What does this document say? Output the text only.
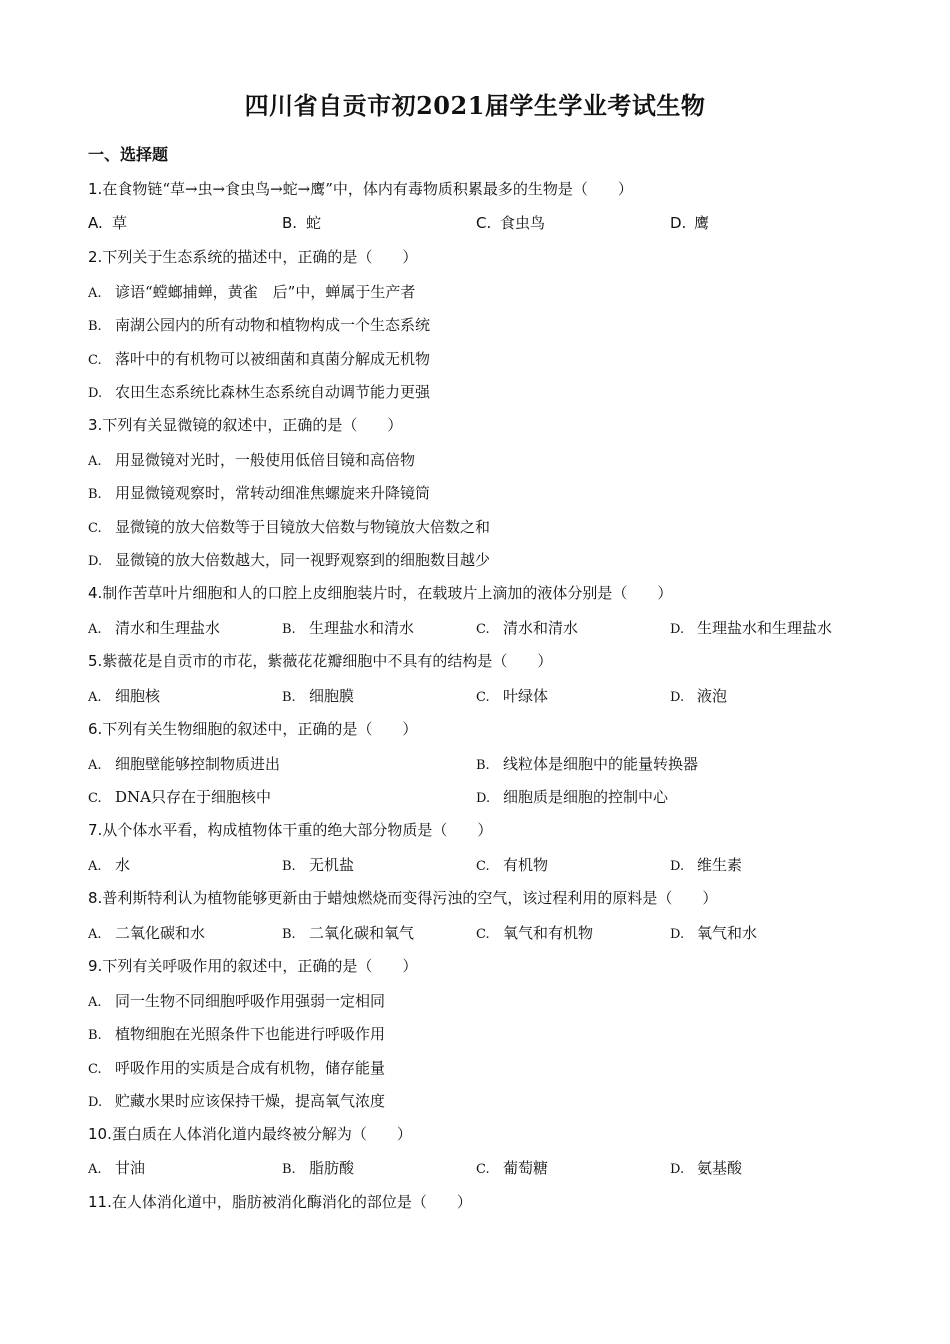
四川省自贡市初2021届学生学业考试生物
一、选择题
1.在食物链“草→虫→食虫鸟→蛇→鹰”中，体内有毒物质积累最多的生物是（　　）
A. 草	B. 蛇	C. 食虫鸟	D. 鹰
2.下列关于生态系统的描述中，正确的是（　　）
A. 谚语“螳螂捕蝉，黄雀　后”中，蝉属于生产者
B. 南湖公园内的所有动物和植物构成一个生态系统
C. 落叶中的有机物可以被细菌和真菌分解成无机物
D. 农田生态系统比森林生态系统自动调节能力更强
3.下列有关显微镜的叙述中，正确的是（　　）
A. 用显微镜对光时，一般使用低倍目镜和高倍物
B. 用显微镜观察时，常转动细准焦螺旋来升降镜筒
C. 显微镜的放大倍数等于目镜放大倍数与物镜放大倍数之和
D. 显微镜的放大倍数越大，同一视野观察到的细胞数目越少
4.制作苦草叶片细胞和人的口腔上皮细胞装片时，在载玻片上滴加的液体分别是（　　）
A. 清水和生理盐水	B. 生理盐水和清水	C. 清水和清水	D. 生理盐水和生理盐水
5.紫薇花是自贡市的市花，紫薇花花瓣细胞中不具有的结构是（　　）
A. 细胞核	B. 细胞膜	C. 叶绿体	D. 液泡
6.下列有关生物细胞的叙述中，正确的是（　　）
A. 细胞壁能够控制物质进出	B. 线粒体是细胞中的能量转换器
C. DNA只存在于细胞核中	D. 细胞质是细胞的控制中心
7.从个体水平看，构成植物体干重的绝大部分物质是（　　）
A. 水	B. 无机盐	C. 有机物	D. 维生素
8.普利斯特利认为植物能够更新由于蜡烛燃烧而变得污浊的空气，该过程利用的原料是（　　）
A. 二氧化碳和水	B. 二氧化碳和氧气	C. 氧气和有机物	D. 氧气和水
9.下列有关呼吸作用的叙述中，正确的是（　　）
A. 同一生物不同细胞呼吸作用强弱一定相同
B. 植物细胞在光照条件下也能进行呼吸作用
C. 呼吸作用的实质是合成有机物，储存能量
D. 贮藏水果时应该保持干燥，提高氧气浓度
10.蛋白质在人体消化道内最终被分解为（　　）
A. 甘油	B. 脂肪酸	C. 葡萄糖	D. 氨基酸
11.在人体消化道中，脂肪被消化酶消化的部位是（　　）
